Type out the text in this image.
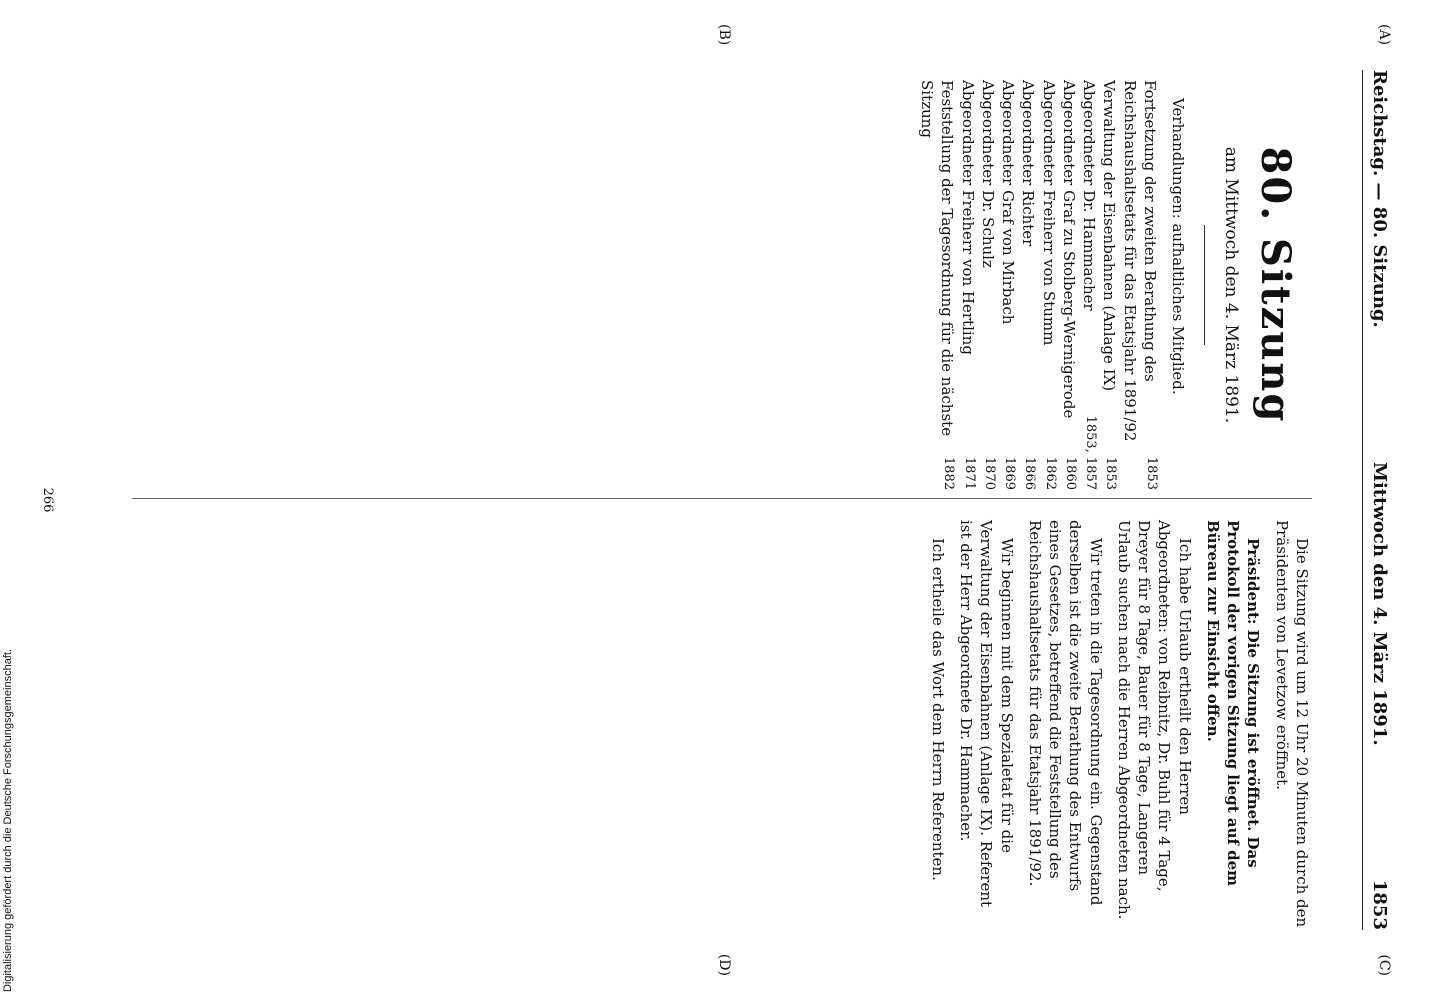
Reichstag. — 80. Sitzung.
Mittwoch den 4. März 1891.
1853
(A)
(B)
(C)
(D)
80. Sitzung
am Mittwoch den 4. März 1891.

Verhandlungen: aufhaltliches Mitglied.

Fortsetzung der zweiten Berathung des Reichshaushaltsetats für das Etatsjahr 1891/92
1853
Verwaltung der Eisenbahnen (Anlage IX)
1853
Abgeordneter Dr. Hammacher
1853, 1857
Abgeordneter Graf zu Stolberg-Wernigerode
1860
Abgeordneter Freiherr von Stumm
1862
Abgeordneter Richter
1866
Abgeordneter Graf von Mirbach
1869
Abgeordneter Dr. Schulz
1870
Abgeordneter Freiherr von Hertling
1871
Feststellung der Tagesordnung für die nächste Sitzung
1882

Die Sitzung wird um 12 Uhr 20 Minuten durch den Präsidenten von Levetzow eröffnet.

Präsident: Die Sitzung ist eröffnet. Das Protokoll der vorigen Sitzung liegt auf dem Büreau zur Einsicht offen.

Ich habe Urlaub ertheilt den Herren Abgeordneten: von Reibnitz, Dr. Buhl für 4 Tage, Dreyer für 8 Tage, Bauer für 8 Tage, Langeren Urlaub suchen nach die Herren Abgeordneten nach.

Wir treten in die Tagesordnung ein. Gegenstand derselben ist die zweite Berathung des Entwurfs eines Gesetzes, betreffend die Feststellung des Reichshaushaltsetats für das Etatsjahr 1891/92.

Wir beginnen mit dem Spezialetat für die Verwaltung der Eisenbahnen (Anlage IX). Referent ist der Herr Abgeordnete Dr. Hammacher.

Ich ertheile das Wort dem Herrn Referenten.

266
Digitalisierung gefördert durch die Deutsche Forschungsgemeinschaft.
